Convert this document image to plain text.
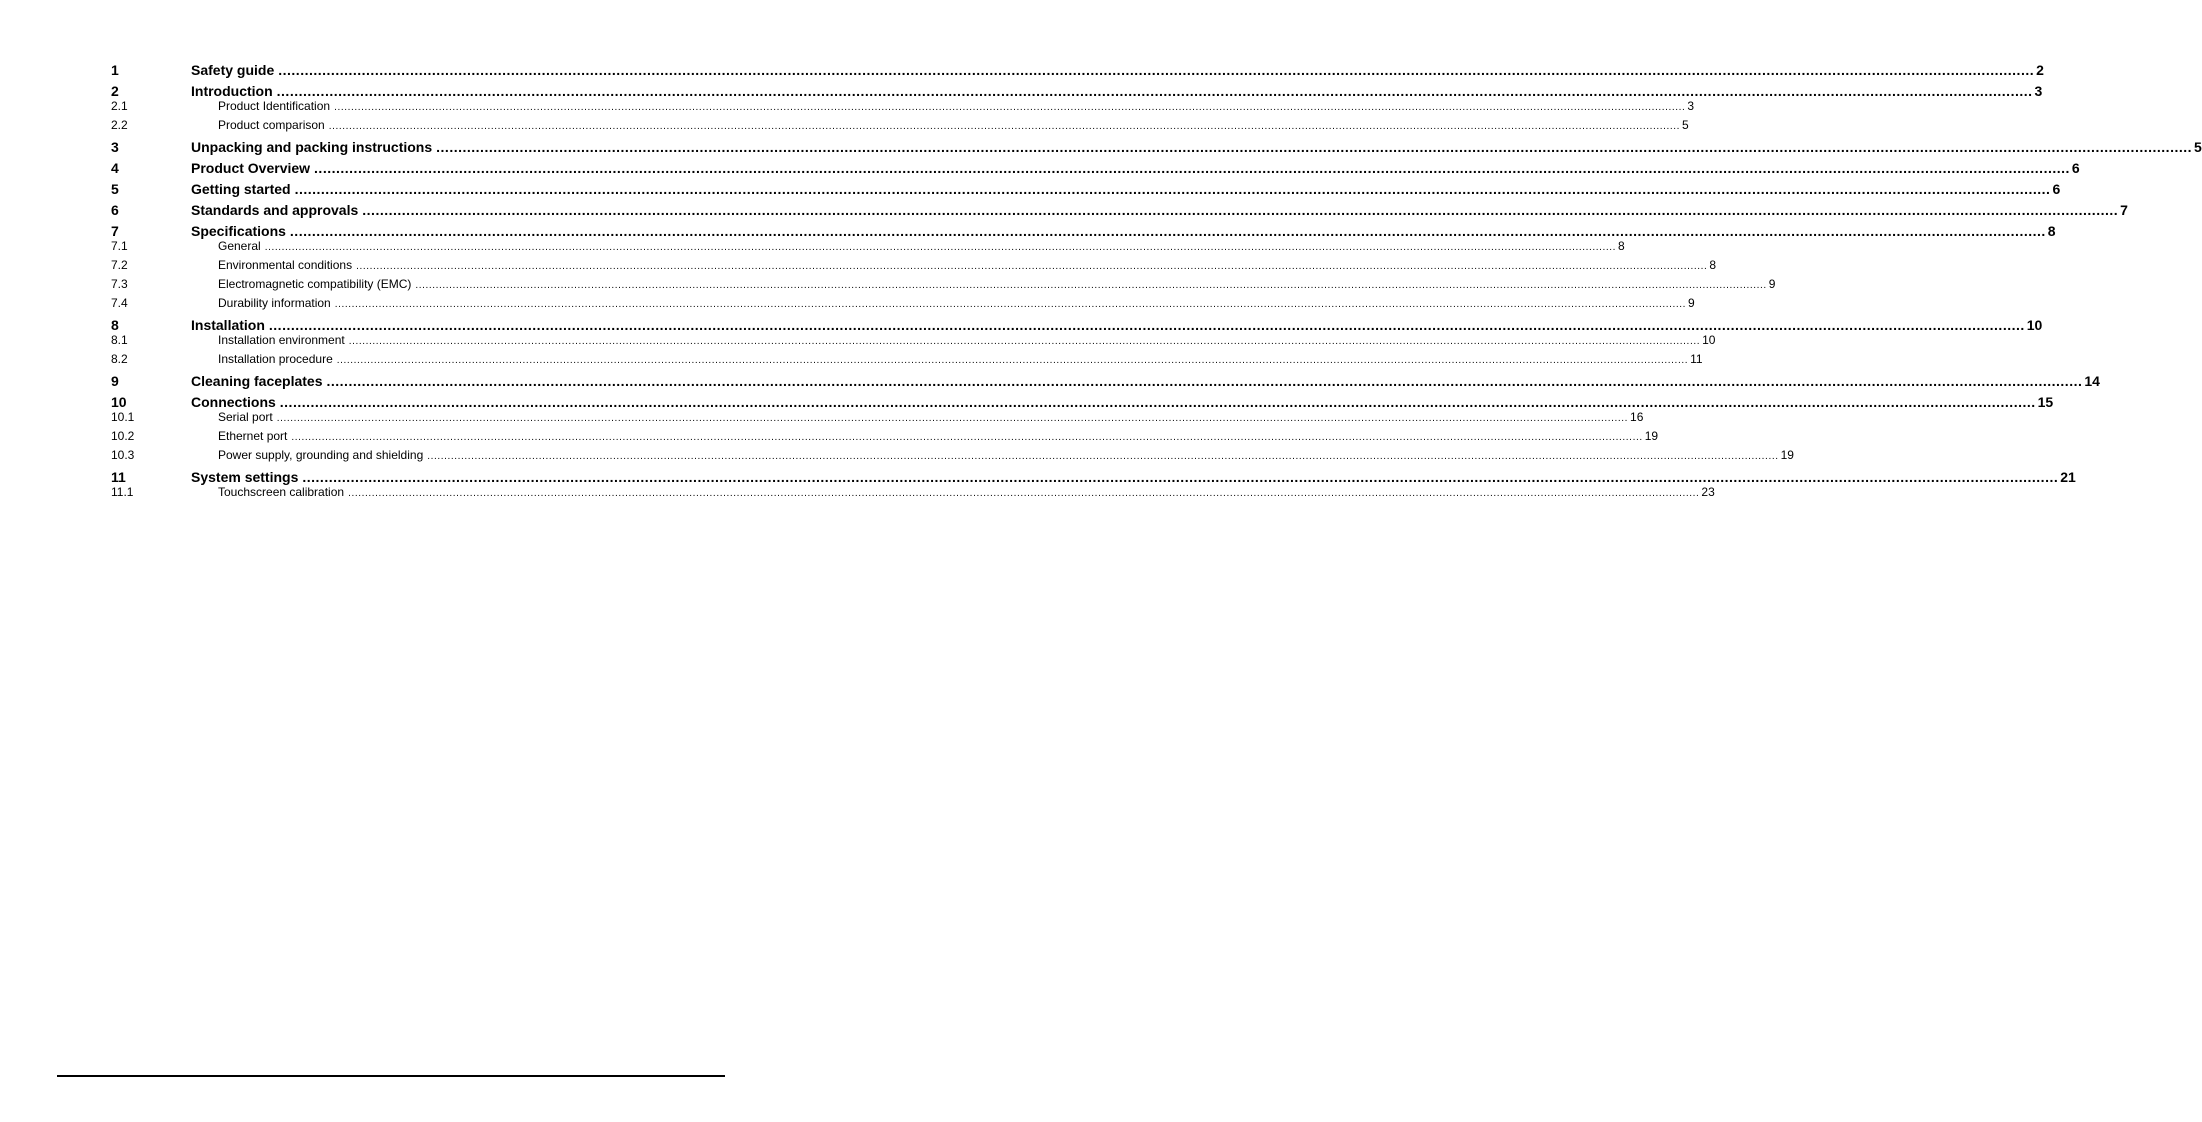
1	Safety guide ................................................................................................................................................................................................................................................................................................................................................................................................................ 2
2	Introduction ................................................................................................................................................................................................................................................................................................................................................................................................................ 3
2.1	Product Identification ................................................................................................................................................................................................................................................................................................................................................................................................................ 3
2.2	Product comparison ................................................................................................................................................................................................................................................................................................................................................................................................................ 5
3	Unpacking and packing instructions ................................................................................................................................................................................................................................................................................................................................................................................................................ 5
4	Product Overview ................................................................................................................................................................................................................................................................................................................................................................................................................ 6
5	Getting started ................................................................................................................................................................................................................................................................................................................................................................................................................ 6
6	Standards and approvals ................................................................................................................................................................................................................................................................................................................................................................................................................ 7
7	Specifications ................................................................................................................................................................................................................................................................................................................................................................................................................ 8
7.1	General ................................................................................................................................................................................................................................................................................................................................................................................................................ 8
7.2	Environmental conditions ................................................................................................................................................................................................................................................................................................................................................................................................................ 8
7.3	Electromagnetic compatibility (EMC) ................................................................................................................................................................................................................................................................................................................................................................................................................ 9
7.4	Durability information ................................................................................................................................................................................................................................................................................................................................................................................................................ 9
8	Installation ................................................................................................................................................................................................................................................................................................................................................................................................................ 10
8.1	Installation environment ................................................................................................................................................................................................................................................................................................................................................................................................................ 10
8.2	Installation procedure ................................................................................................................................................................................................................................................................................................................................................................................................................ 11
9	Cleaning faceplates ................................................................................................................................................................................................................................................................................................................................................................................................................ 14
10	Connections ................................................................................................................................................................................................................................................................................................................................................................................................................ 15
10.1	Serial port ................................................................................................................................................................................................................................................................................................................................................................................................................ 16
10.2	Ethernet port ................................................................................................................................................................................................................................................................................................................................................................................................................ 19
10.3	Power supply, grounding and shielding ................................................................................................................................................................................................................................................................................................................................................................................................................ 19
11	System settings ................................................................................................................................................................................................................................................................................................................................................................................................................ 21
11.1	Touchscreen calibration ................................................................................................................................................................................................................................................................................................................................................................................................................ 23
